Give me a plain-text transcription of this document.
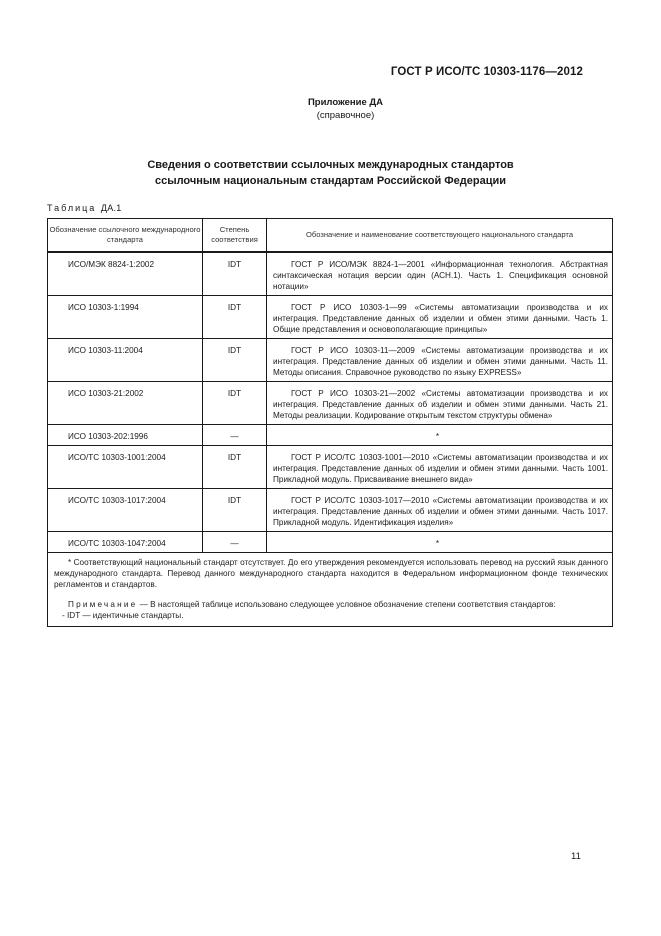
ГОСТ Р ИСО/ТС 10303-1176—2012
Приложение ДА
(справочное)
Сведения о соответствии ссылочных международных стандартов
ссылочным национальным стандартам Российской Федерации
Таблица ДА.1
Обозначение ссылочного международного стандарта	Степень соответствия	Обозначение и наименование соответствующего национального стандарта
ИСО/МЭК 8824-1:2002	IDT	ГОСТ Р ИСО/МЭК 8824-1—2001 «Информационная технология. Абстрактная синтаксическая нотация версии один (АСН.1). Часть 1. Спецификация основной нотации»

ИСО 10303-1:1994	IDT	ГОСТ Р ИСО 10303-1—99 «Системы автоматизации производства и их интеграция. Представление данных об изделии и обмен этими данными. Часть 1. Общие представления и основополагающие принципы»

ИСО 10303-11:2004	IDT	ГОСТ Р ИСО 10303-11—2009 «Системы автоматизации производства и их интеграция. Представление данных об изделии и обмен этими данными. Часть 11. Методы описания. Справочное руководство по языку EXPRESS»

ИСО 10303-21:2002	IDT	ГОСТ Р ИСО 10303-21—2002 «Системы автоматизации производства и их интеграция. Представление данных об изделии и обмен этими данными. Часть 21. Методы реализации. Кодирование открытым текстом структуры обмена»

ИСО 10303-202:1996	—	*
ИСО/ТС 10303-1001:2004	IDT	ГОСТ Р ИСО/ТС 10303-1001—2010 «Системы автоматизации производства и их интеграция. Представление данных об изделии и обмен этими данными. Часть 1001. Прикладной модуль. Присваивание внешнего вида»

ИСО/ТС 10303-1017:2004	IDT	ГОСТ Р ИСО/ТС 10303-1017—2010 «Системы автоматизации производства и их интеграция. Представление данных об изделии и обмен этими данными. Часть 1017. Прикладной модуль. Идентификация изделия»

ИСО/ТС 10303-1047:2004	—	*

* Соответствующий национальный стандарт отсутствует. До его утверждения рекомендуется использовать перевод на русский язык данного международного стандарта. Перевод данного международного стандарта находится в Федеральном информационном фонде технических регламентов и стандартов.
Примечание — В настоящей таблице использовано следующее условное обозначение степени соответствия стандартов:
- IDT — идентичные стандарты.		
11
